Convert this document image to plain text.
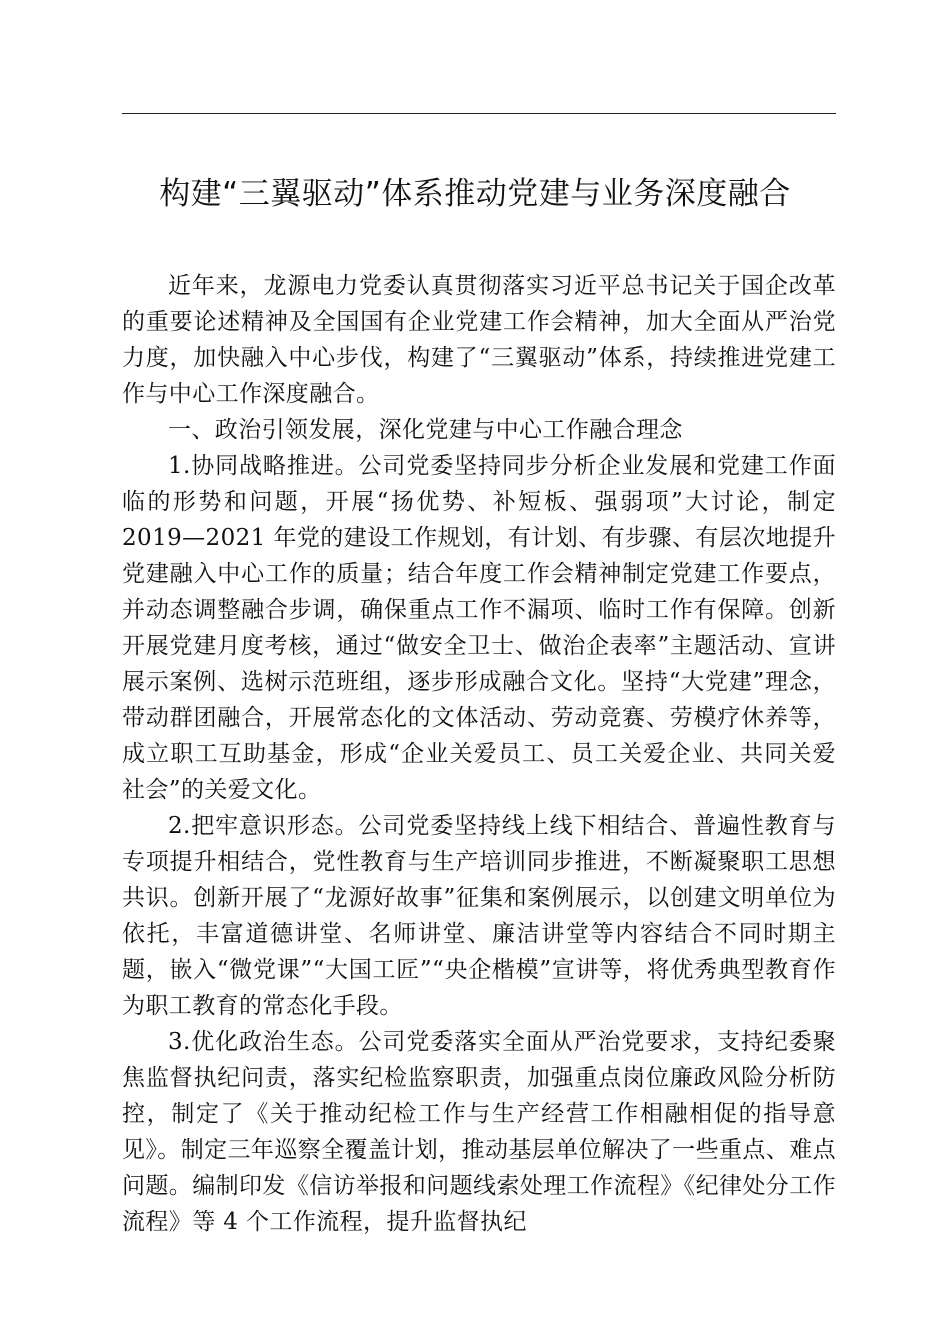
构建“三翼驱动”体系推动党建与业务深度融合

近年来，龙源电力党委认真贯彻落实习近平总书记关于国企改革的重要论述精神及全国国有企业党建工作会精神，加大全面从严治党力度，加快融入中心步伐，构建了“三翼驱动”体系，持续推进党建工作与中心工作深度融合。

一、政治引领发展，深化党建与中心工作融合理念

1.协同战略推进。公司党委坚持同步分析企业发展和党建工作面临的形势和问题，开展“扬优势、补短板、强弱项”大讨论，制定 2019—2021 年党的建设工作规划，有计划、有步骤、有层次地提升党建融入中心工作的质量；结合年度工作会精神制定党建工作要点，并动态调整融合步调，确保重点工作不漏项、临时工作有保障。创新开展党建月度考核，通过“做安全卫士、做治企表率”主题活动、宣讲展示案例、选树示范班组，逐步形成融合文化。坚持“大党建”理念，带动群团融合，开展常态化的文体活动、劳动竞赛、劳模疗休养等，成立职工互助基金，形成“企业关爱员工、员工关爱企业、共同关爱社会”的关爱文化。

2.把牢意识形态。公司党委坚持线上线下相结合、普遍性教育与专项提升相结合，党性教育与生产培训同步推进，不断凝聚职工思想共识。创新开展了“龙源好故事”征集和案例展示，以创建文明单位为依托，丰富道德讲堂、名师讲堂、廉洁讲堂等内容结合不同时期主题，嵌入“微党课”“大国工匠”“央企楷模”宣讲等，将优秀典型教育作为职工教育的常态化手段。

3.优化政治生态。公司党委落实全面从严治党要求，支持纪委聚焦监督执纪问责，落实纪检监察职责，加强重点岗位廉政风险分析防控，制定了《关于推动纪检工作与生产经营工作相融相促的指导意见》。制定三年巡察全覆盖计划，推动基层单位解决了一些重点、难点问题。编制印发《信访举报和问题线索处理工作流程》《纪律处分工作流程》等 4 个工作流程，提升监督执纪
